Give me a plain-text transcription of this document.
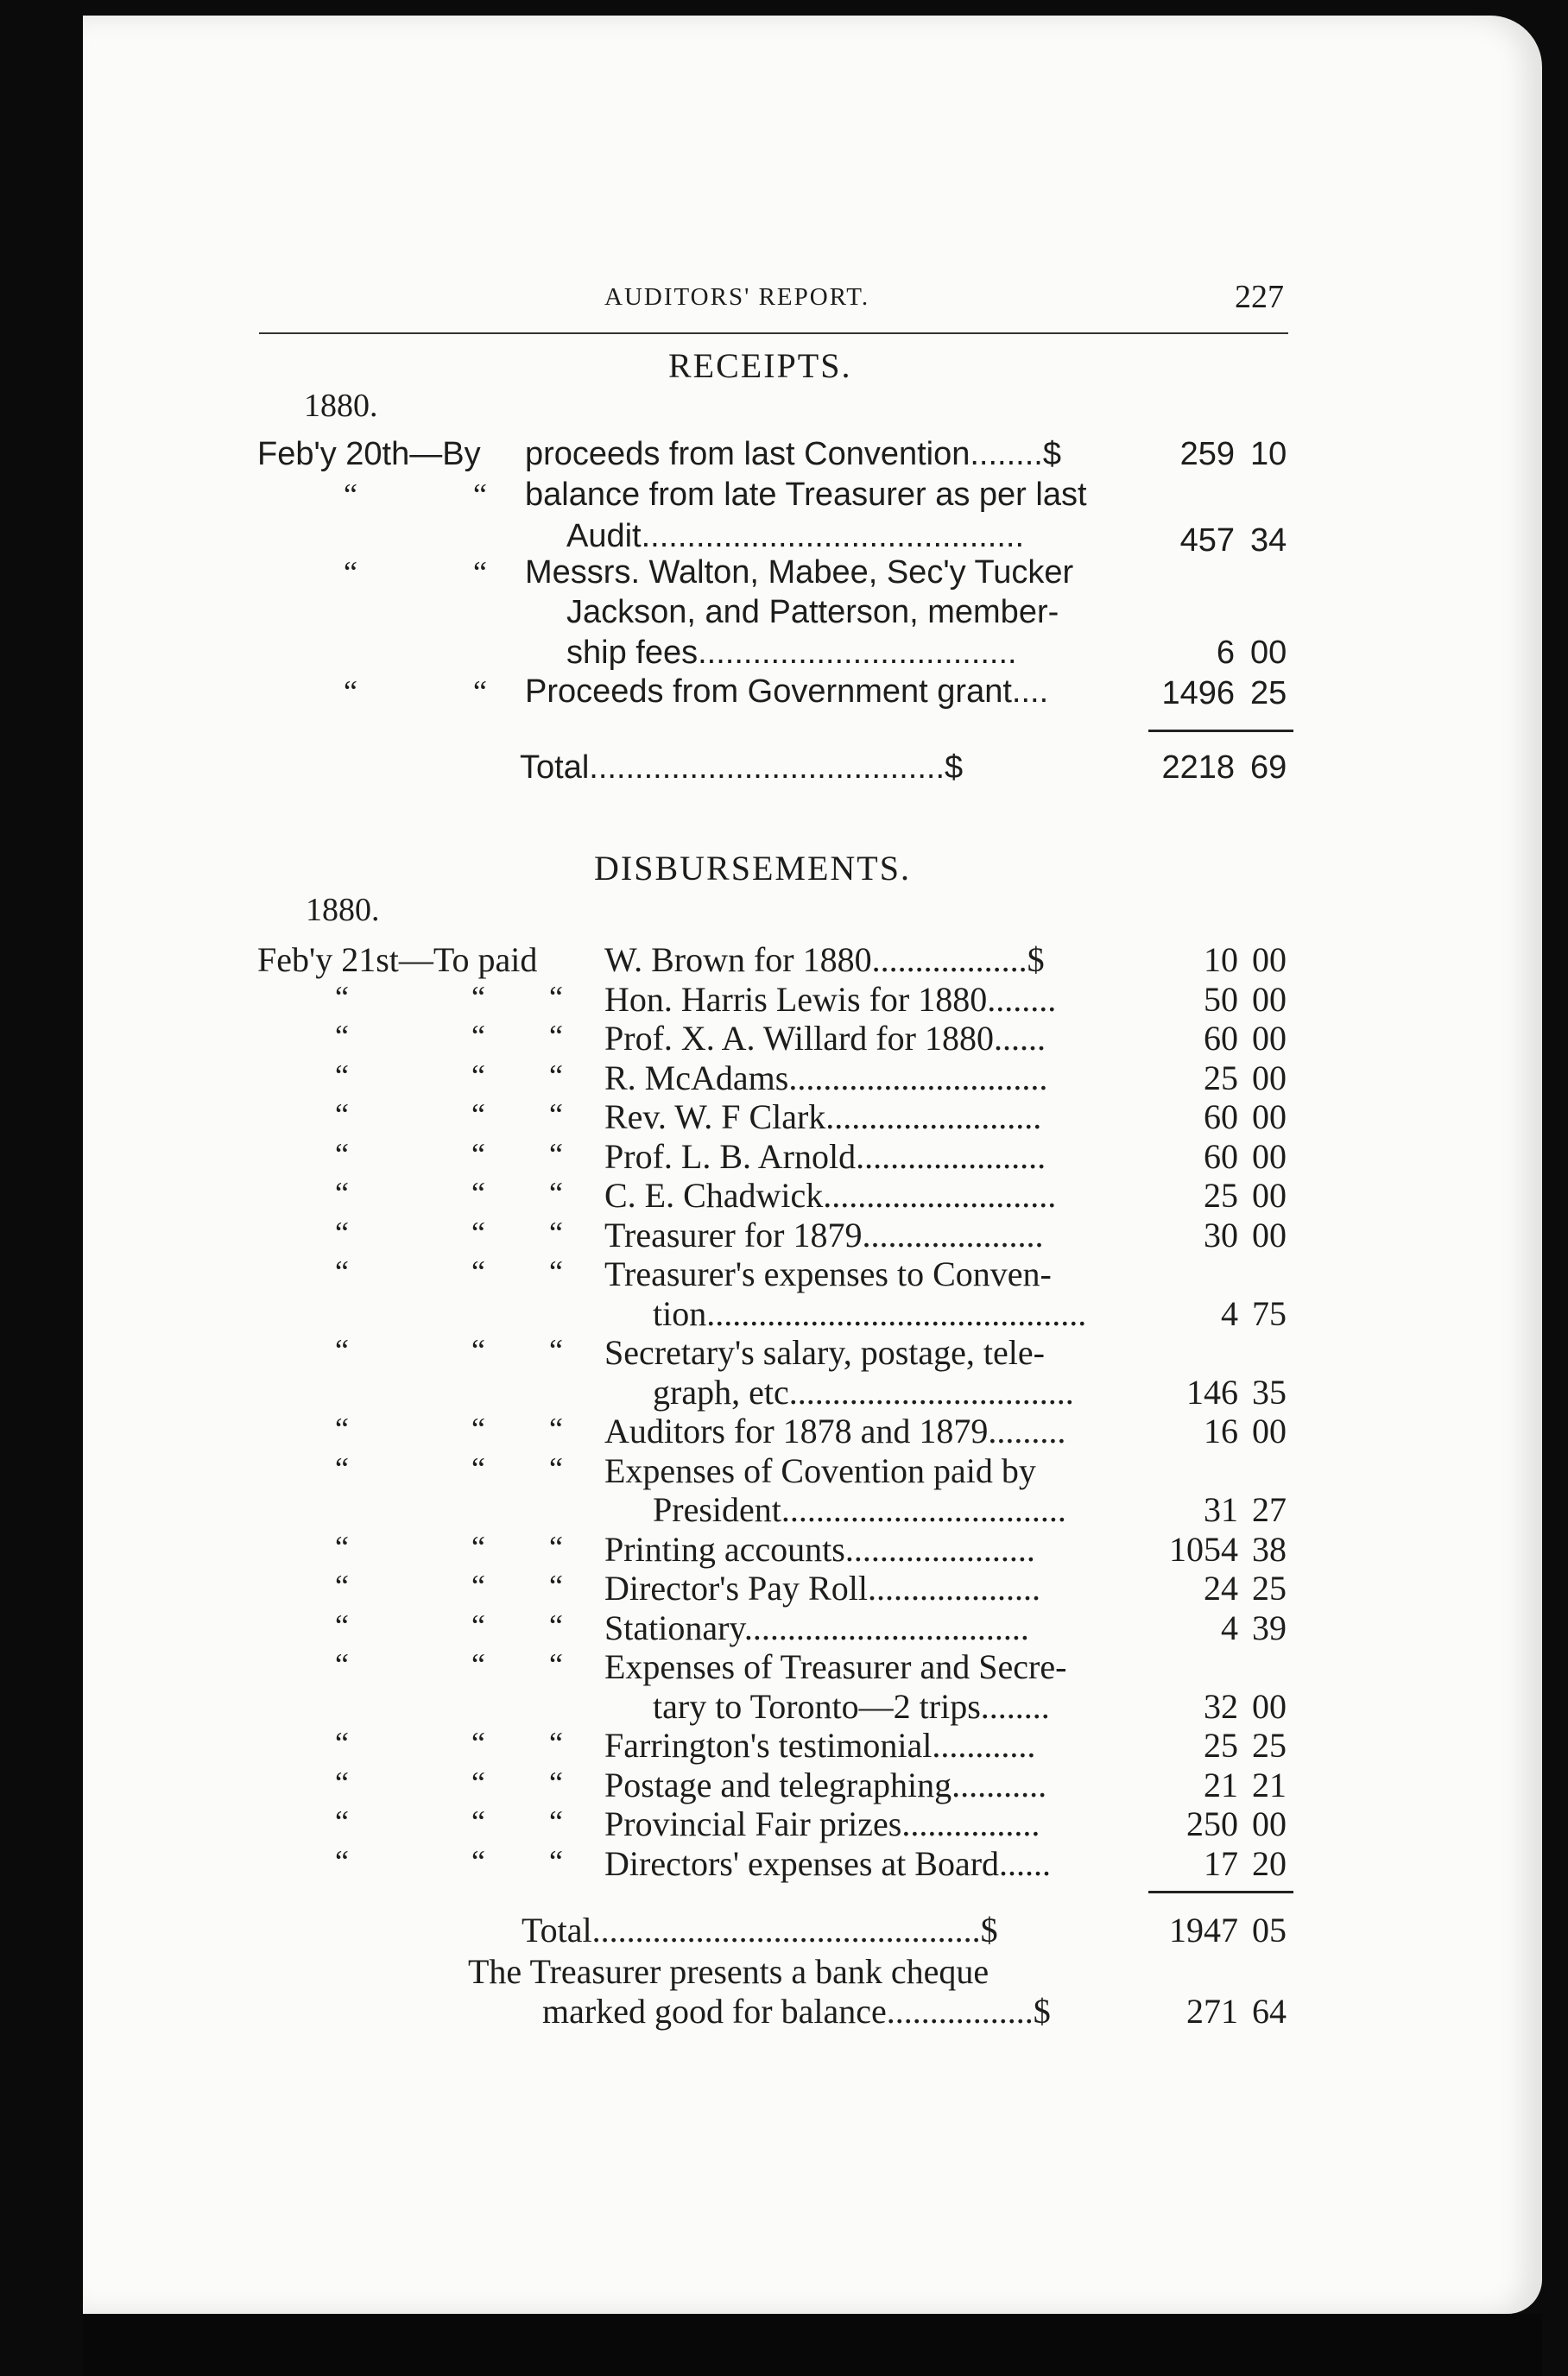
AUDITORS' REPORT.	227
RECEIPTS.
1880.
Feb'y 20th—By proceeds from last Convention........$	259 10
“	“ balance from late Treasurer as per last
Audit..........................................	457 34
“	“ Messrs. Walton, Mabee, Sec'y Tucker
Jackson, and Patterson, member-
ship fees...................................	6 00
“	“ Proceeds from Government grant....	1496 25
Total.......................................$	2218 69
DISBURSEMENTS.
1880.
Feb'y 21st—To paid W. Brown for 1880..................$	10 00
“	“ “ Hon. Harris Lewis for 1880........	50 00
“	“ “ Prof. X. A. Willard for 1880......	60 00
“	“ “ R. McAdams..............................	25 00
“	“ “ Rev. W. F Clark.........................	60 00
“	“ “ Prof. L. B. Arnold......................	60 00
“	“ “ C. E. Chadwick...........................	25 00
“	“ “ Treasurer for 1879.....................	30 00
“	“ “ Treasurer's expenses to Conven-
tion............................................	4 75
“	“ “ Secretary's salary, postage, tele-
graph, etc.................................	146 35
“	“ “ Auditors for 1878 and 1879.........	16 00
“	“ “ Expenses of Covention paid by
President.................................	31 27
“	“ “ Printing accounts......................	1054 38
“	“ “ Director's Pay Roll....................	24 25
“	“ “ Stationary.................................	4 39
“	“ “ Expenses of Treasurer and Secre-
tary to Toronto—2 trips........	32 00
“	“ “ Farrington's testimonial............	25 25
“	“ “ Postage and telegraphing...........	21 21
“	“ “ Provincial Fair prizes................	250 00
“	“ “ Directors' expenses at Board......	17 20
Total.............................................$	1947 05
The Treasurer presents a bank cheque
marked good for balance.................$	271 64
